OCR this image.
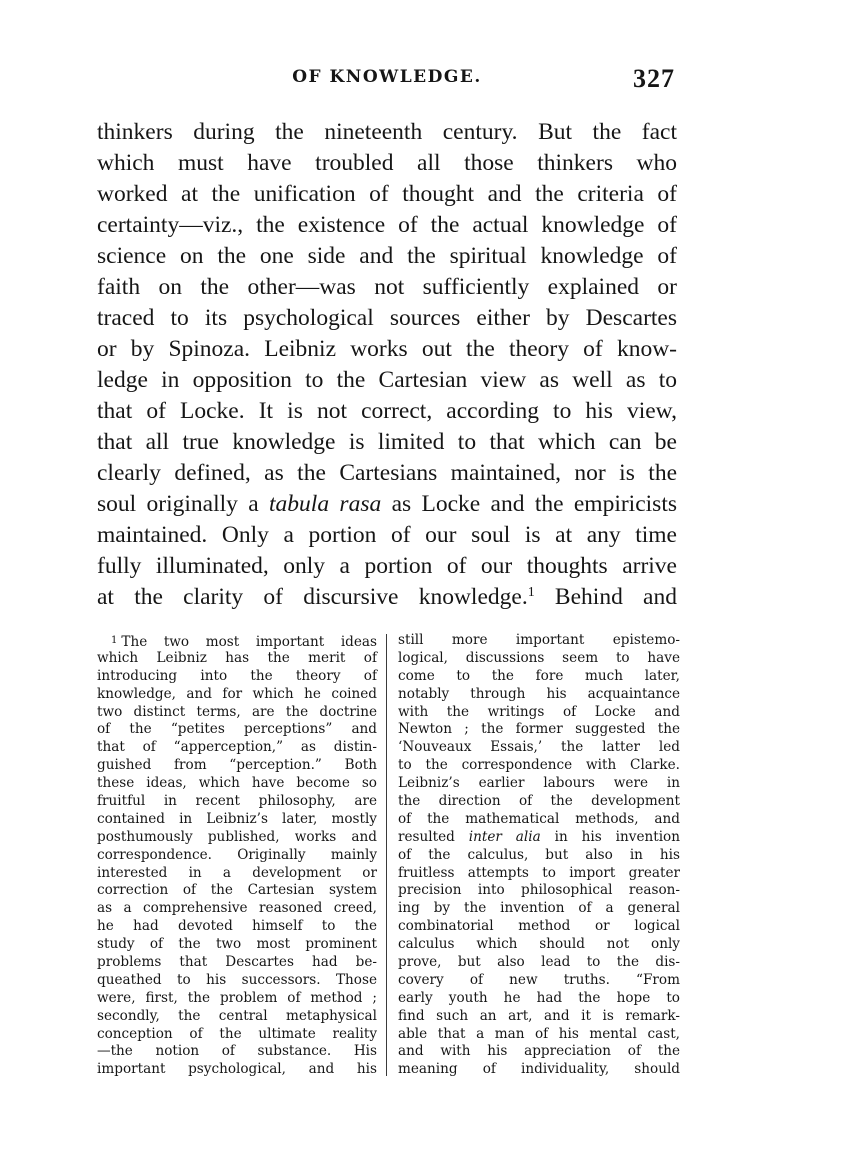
OF KNOWLEDGE.	327
thinkers during the nineteenth century. But the fact
which must have troubled all those thinkers who
worked at the unification of thought and the criteria of
certainty—viz., the existence of the actual knowledge of
science on the one side and the spiritual knowledge of
faith on the other—was not sufficiently explained or
traced to its psychological sources either by Descartes
or by Spinoza. Leibniz works out the theory of know-
ledge in opposition to the Cartesian view as well as to
that of Locke. It is not correct, according to his view,
that all true knowledge is limited to that which can be
clearly defined, as the Cartesians maintained, nor is the
soul originally a tabula rasa as Locke and the empiricists
maintained. Only a portion of our soul is at any time
fully illuminated, only a portion of our thoughts arrive
at the clarity of discursive knowledge.$^1$ Behind and
$^1$ The two most important ideas
which Leibniz has the merit of
introducing into the theory of
knowledge, and for which he coined
two distinct terms, are the doctrine
of the “petites perceptions” and
that of “apperception,” as distin-
guished from “perception.” Both
these ideas, which have become so
fruitful in recent philosophy, are
contained in Leibniz’s later, mostly
posthumously published, works and
correspondence. Originally mainly
interested in a development or
correction of the Cartesian system
as a comprehensive reasoned creed,
he had devoted himself to the
study of the two most prominent
problems that Descartes had be-
queathed to his successors. Those
were, first, the problem of method ;
secondly, the central metaphysical
conception of the ultimate reality
—the notion of substance. His
important psychological, and his
still more important epistemo-
logical, discussions seem to have
come to the fore much later,
notably through his acquaintance
with the writings of Locke and
Newton ; the former suggested the
‘Nouveaux Essais,’ the latter led
to the correspondence with Clarke.
Leibniz’s earlier labours were in
the direction of the development
of the mathematical methods, and
resulted inter alia in his invention
of the calculus, but also in his
fruitless attempts to import greater
precision into philosophical reason-
ing by the invention of a general
combinatorial method or logical
calculus which should not only
prove, but also lead to the dis-
covery of new truths. “From
early youth he had the hope to
find such an art, and it is remark-
able that a man of his mental cast,
and with his appreciation of the
meaning of individuality, should
